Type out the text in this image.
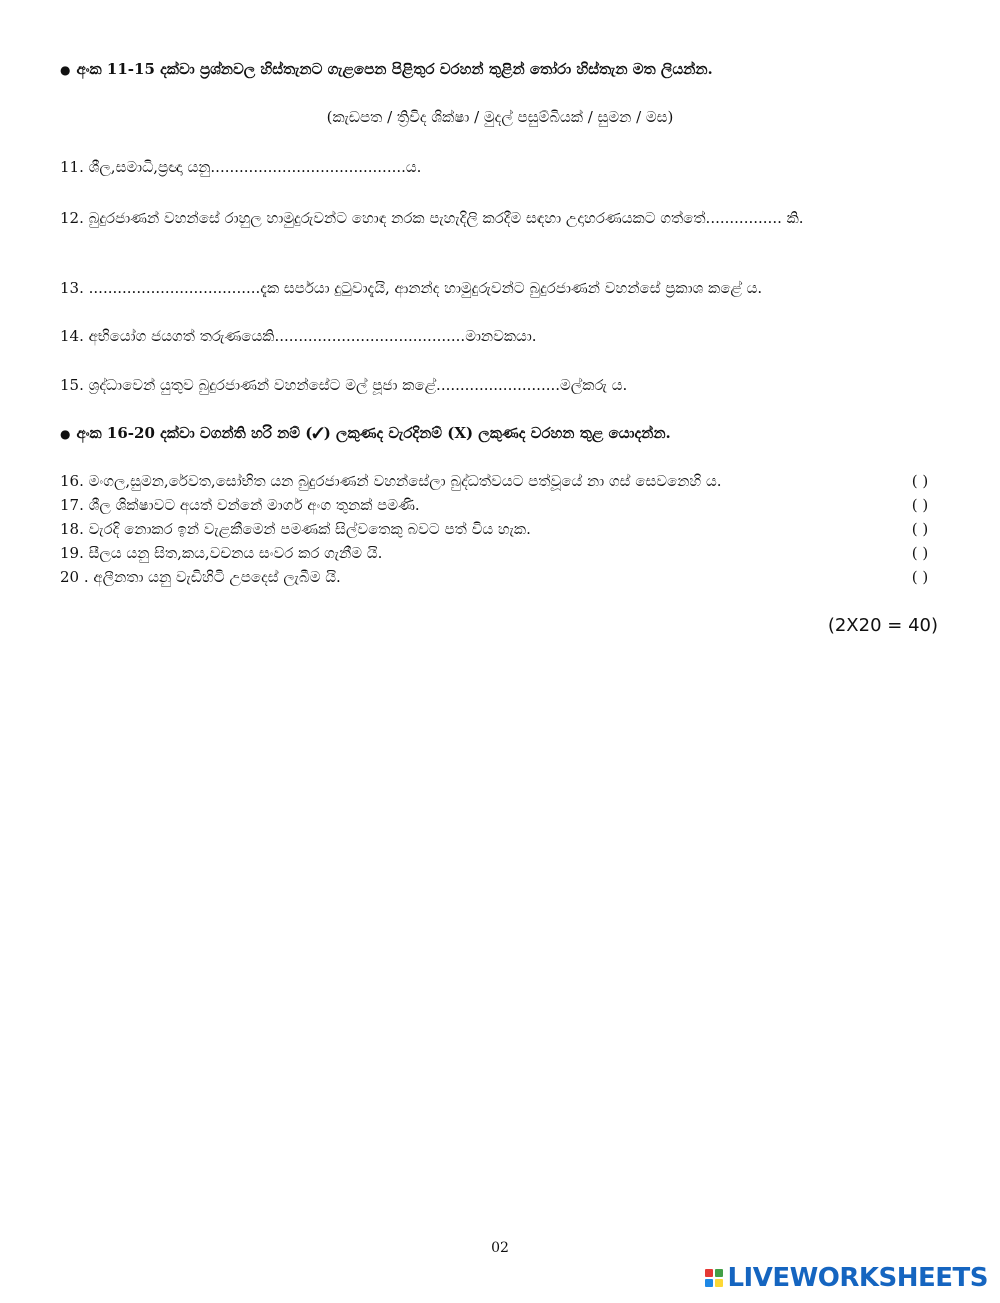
● අංක 11-15 දක්වා ප්‍රශ්නවල හිස්තැනට ගැළපෙන පිළිතුර වරහන් තුළින් තෝරා හිස්තැන මත ලියන්න.
(කැඩපත / ත්‍රිවිද ශික්ෂා / මුදල් පසුම්බියක් / සුමන / මස)
11. ශීල,සමාධි,ප්‍රඥා යනු.........................................ය.
12. බුදුරජාණන් වහන්සේ රාහුල හාමුදුරුවන්ට හොඳ නරක පැහැදිලි කරදීම සඳහා උදාහරණයකට ගත්තේ................ කි.
13. ....................................දැක සර්පයා දුටුවාදැයි, ආනන්ද හාමුදුරුවන්ට බුදුරජාණන් වහන්සේ ප්‍රකාශ කළේ ය.
14. අභියෝග ජයගත් තරුණයෙකි........................................මානවකයා.
15. ශ්‍රද්ධාවෙන් යුතුව බුදුරජාණන් වහන්සේට මල් පූජා කළේ..........................මල්කරු ය.
● අංක 16-20 දක්වා වගන්ති හරි නම් (✓) ලකුණද වැරදිනම් (X) ලකුණද වරහන තුළ යොදන්න.
16. මංගල,සුමන,රේවත,සෝභිත යන බුදුරජාණන් වහන්සේලා බුද්ධත්වයට පත්වූයේ නා ගස් සෙවනෙහි ය.	( )
17. ශීල ශික්ෂාවට අයත් වන්නේ මාර්ග අංග තුනක් පමණි.	( )
18. වැරදි නොකර ඉන් වැළකීමෙන් පමණක් සිල්වතෙකු බවට පත් විය හැක.	( )
19. සීලය යනු සිත,කය,වචනය සංවර කර ගැනීම යි.	( )
20 . අලීනතා යනු වැඩිහිටි උපදෙස් ලැබීම යි.	( )
(2X20 = 40)
02
LIVEWORKSHEETS
